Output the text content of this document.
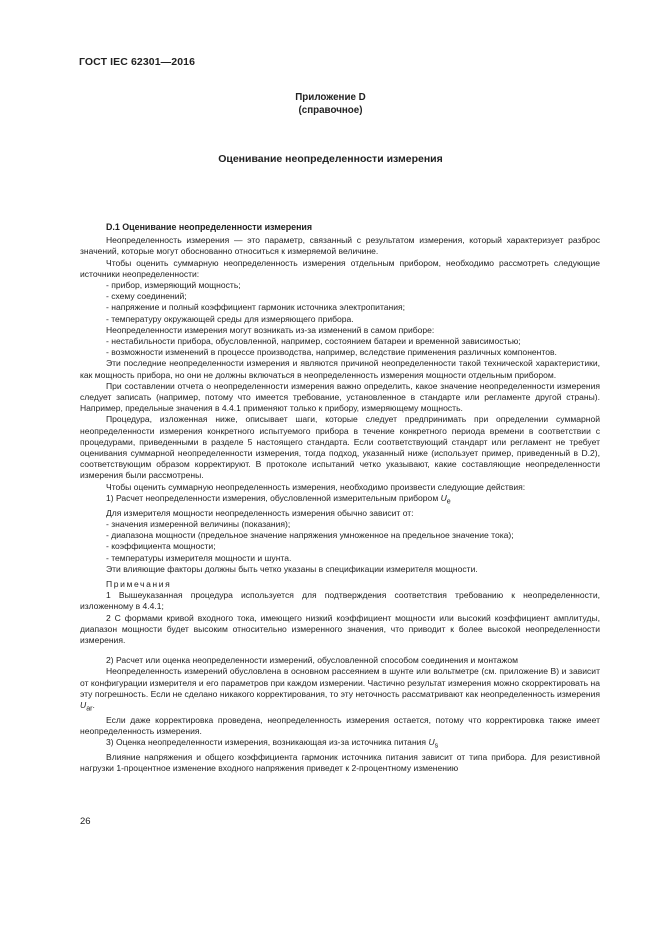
ГОСТ IEC 62301—2016
Приложение D
(справочное)
Оценивание неопределенности измерения

D.1 Оценивание неопределенности измерения

Неопределенность измерения — это параметр, связанный с результатом измерения, который характеризует разброс значений, которые могут обоснованно относиться к измеряемой величине.

Чтобы оценить суммарную неопределенность измерения отдельным прибором, необходимо рассмотреть следующие источники неопределенности:

- прибор, измеряющий мощность;

- схему соединений;

- напряжение и полный коэффициент гармоник источника электропитания;

- температуру окружающей среды для измеряющего прибора.

Неопределенности измерения могут возникать из-за изменений в самом приборе:

- нестабильности прибора, обусловленной, например, состоянием батареи и временной зависимостью;

- возможности изменений в процессе производства, например, вследствие применения различных компонентов.

Эти последние неопределенности измерения и являются причиной неопределенности такой технической характеристики, как мощность прибора, но они не должны включаться в неопределенность измерения мощности отдельным прибором.

При составлении отчета о неопределенности измерения важно определить, какое значение неопределенности измерения следует записать (например, потому что имеется требование, установленное в стандарте или регламенте другой страны). Например, предельные значения в 4.4.1 применяют только к прибору, измеряющему мощность.

Процедура, изложенная ниже, описывает шаги, которые следует предпринимать при определении суммарной неопределенности измерения конкретного испытуемого прибора в течение конкретного периода времени в соответствии с процедурами, приведенными в разделе 5 настоящего стандарта. Если соответствующий стандарт или регламент не требует оценивания суммарной неопределенности измерения, тогда подход, указанный ниже (использует пример, приведенный в D.2), соответствующим образом корректируют. В протоколе испытаний четко указывают, какие составляющие неопределенности измерения были рассмотрены.

Чтобы оценить суммарную неопределенность измерения, необходимо произвести следующие действия:

1) Расчет неопределенности измерения, обусловленной измерительным прибором $U_e$

Для измерителя мощности неопределенность измерения обычно зависит от:

- значения измеренной величины (показания);

- диапазона мощности (предельное значение напряжения умноженное на предельное значение тока);

- коэффициента мощности;

- температуры измерителя мощности и шунта.

Эти влияющие факторы должны быть четко указаны в спецификации измерителя мощности.

Примечания

1 Вышеуказанная процедура используется для подтверждения соответствия требованию к неопределенности, изложенному в 4.4.1;

2 С формами кривой входного тока, имеющего низкий коэффициент мощности или высокий коэффициент амплитуды, диапазон мощности будет высоким относительно измеренного значения, что приводит к более высокой неопределенности измерения.

2) Расчет или оценка неопределенности измерений, обусловленной способом соединения и монтажом

Неопределенность измерений обусловлена в основном рассеянием в шунте или вольтметре (см. приложение B) и зависит от конфигурации измерителя и его параметров при каждом измерении. Частично результат измерения можно скорректировать на эту погрешность. Если не сделано никакого корректирования, то эту неточность рассматривают как неопределенность измерения $U_{ar}$.

Если даже корректировка проведена, неопределенность измерения остается, потому что корректировка также имеет неопределенность измерения.

3) Оценка неопределенности измерения, возникающая из-за источника питания $U_s$

Влияние напряжения и общего коэффициента гармоник источника питания зависит от типа прибора. Для резистивной нагрузки 1-процентное изменение входного напряжения приведет к 2-процентному изменению

26
